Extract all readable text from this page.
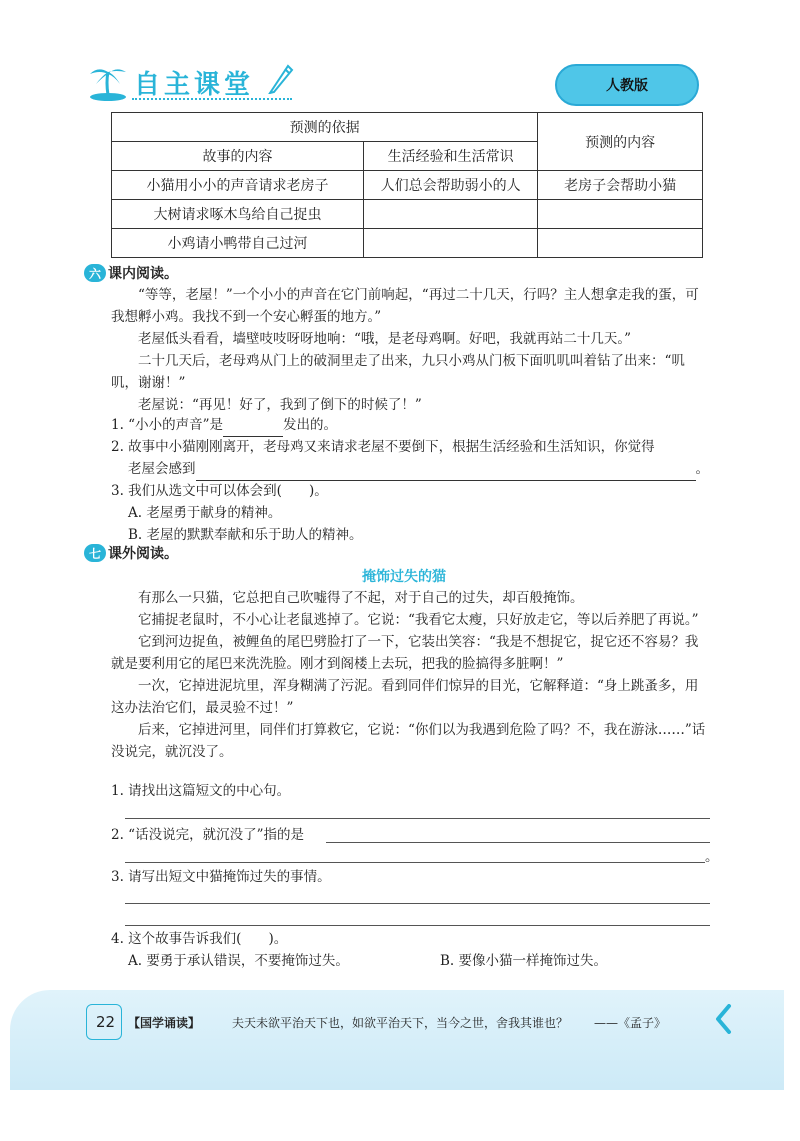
自主课堂	人教版
预测的依据		预测的内容
故事的内容	生活经验和生活常识	
小猫用小小的声音请求老房子	人们总会帮助弱小的人	老房子会帮助小猫
大树请求啄木鸟给自己捉虫		
小鸡请小鸭带自己过河		
六 课内阅读。
“等等，老屋！”一个小小的声音在它门前响起，“再过二十几天，行吗？主人想拿走我的蛋，可我想孵小鸡。我找不到一个安心孵蛋的地方。”
老屋低头看看，墙壁吱吱呀呀地响：“哦，是老母鸡啊。好吧，我就再站二十几天。”
二十几天后，老母鸡从门上的破洞里走了出来，九只小鸡从门板下面叽叽叫着钻了出来：“叽叽，谢谢！”
老屋说：“再见！好了，我到了倒下的时候了！”
1. “小小的声音”是	发出的。
2. 故事中小猫刚刚离开，老母鸡又来请求老屋不要倒下，根据生活经验和生活知识，你觉得
老屋会感到	。
3. 我们从选文中可以体会到(　　)。
A. 老屋勇于献身的精神。
B. 老屋的默默奉献和乐于助人的精神。
七 课外阅读。
掩饰过失的猫
有那么一只猫，它总把自己吹嘘得了不起，对于自己的过失，却百般掩饰。
它捕捉老鼠时，不小心让老鼠逃掉了。它说：“我看它太瘦，只好放走它，等以后养肥了再说。”
它到河边捉鱼，被鲤鱼的尾巴劈脸打了一下，它装出笑容：“我是不想捉它，捉它还不容易？我就是要利用它的尾巴来洗洗脸。刚才到阁楼上去玩，把我的脸搞得多脏啊！”
一次，它掉进泥坑里，浑身糊满了污泥。看到同伴们惊异的目光，它解释道：“身上跳蚤多，用这办法治它们，最灵验不过！”
后来，它掉进河里，同伴们打算救它，它说：“你们以为我遇到危险了吗？不，我在游泳……”话没说完，就沉没了。
1. 请找出这篇短文的中心句。
2. “话没说完，就沉没了”指的是
。
3. 请写出短文中猫掩饰过失的事情。
4. 这个故事告诉我们(　　)。
A. 要勇于承认错误，不要掩饰过失。	B. 要像小猫一样掩饰过失。
22 【国学诵读】	夫天未欲平治天下也，如欲平治天下，当今之世，舍我其谁也？ ——《孟子》
